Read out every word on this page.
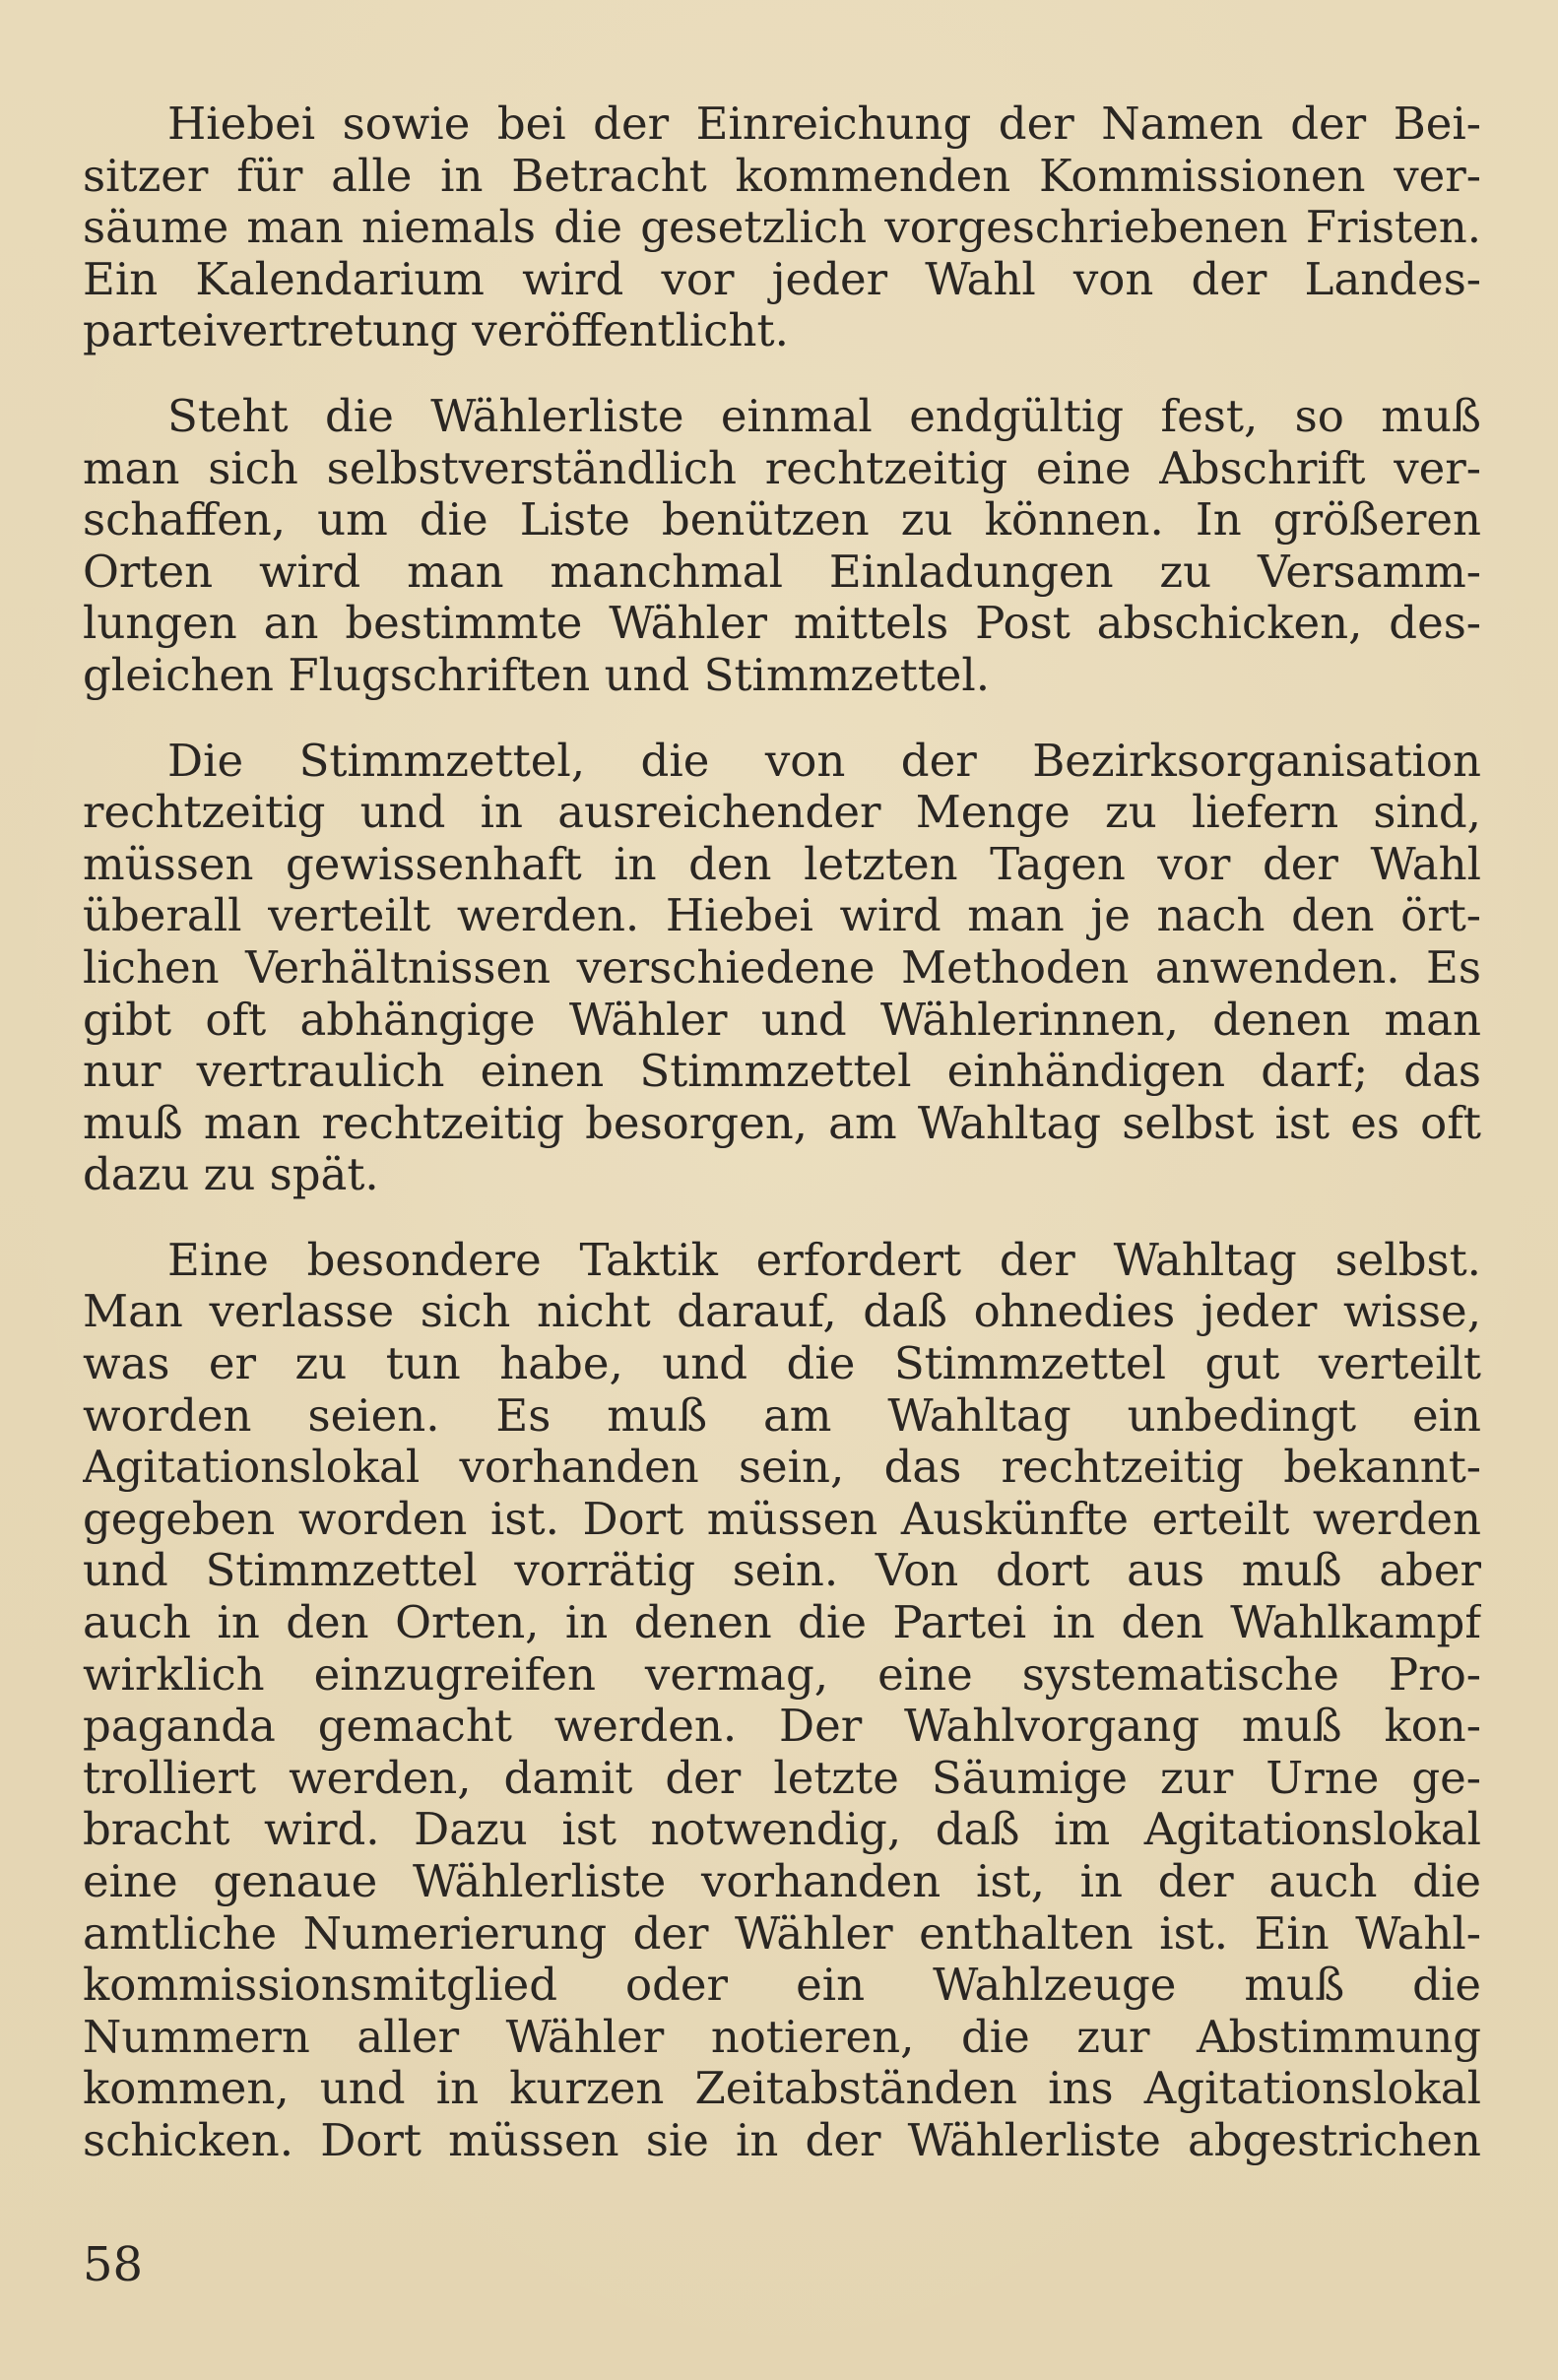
Hiebei sowie bei der Einreichung der Namen der Bei-
sitzer für alle in Betracht kommenden Kommissionen ver-
säume man niemals die gesetzlich vorgeschriebenen Fristen.
Ein Kalendarium wird vor jeder Wahl von der Landes-
parteivertretung veröffentlicht.

Steht die Wählerliste einmal endgültig fest, so muß
man sich selbstverständlich rechtzeitig eine Abschrift ver-
schaffen, um die Liste benützen zu können. In größeren
Orten wird man manchmal Einladungen zu Versamm-
lungen an bestimmte Wähler mittels Post abschicken, des-
gleichen Flugschriften und Stimmzettel.

Die Stimmzettel, die von der Bezirksorganisation
rechtzeitig und in ausreichender Menge zu liefern sind,
müssen gewissenhaft in den letzten Tagen vor der Wahl
überall verteilt werden. Hiebei wird man je nach den ört-
lichen Verhältnissen verschiedene Methoden anwenden. Es
gibt oft abhängige Wähler und Wählerinnen, denen man
nur vertraulich einen Stimmzettel einhändigen darf; das
muß man rechtzeitig besorgen, am Wahltag selbst ist es oft
dazu zu spät.

Eine besondere Taktik erfordert der Wahltag selbst.
Man verlasse sich nicht darauf, daß ohnedies jeder wisse,
was er zu tun habe, und die Stimmzettel gut verteilt
worden seien. Es muß am Wahltag unbedingt ein
Agitationslokal vorhanden sein, das rechtzeitig bekannt-
gegeben worden ist. Dort müssen Auskünfte erteilt werden
und Stimmzettel vorrätig sein. Von dort aus muß aber
auch in den Orten, in denen die Partei in den Wahlkampf
wirklich einzugreifen vermag, eine systematische Pro-
paganda gemacht werden. Der Wahlvorgang muß kon-
trolliert werden, damit der letzte Säumige zur Urne ge-
bracht wird. Dazu ist notwendig, daß im Agitationslokal
eine genaue Wählerliste vorhanden ist, in der auch die
amtliche Numerierung der Wähler enthalten ist. Ein Wahl-
kommissionsmitglied oder ein Wahlzeuge muß die
Nummern aller Wähler notieren, die zur Abstimmung
kommen, und in kurzen Zeitabständen ins Agitationslokal
schicken. Dort müssen sie in der Wählerliste abgestrichen

58
